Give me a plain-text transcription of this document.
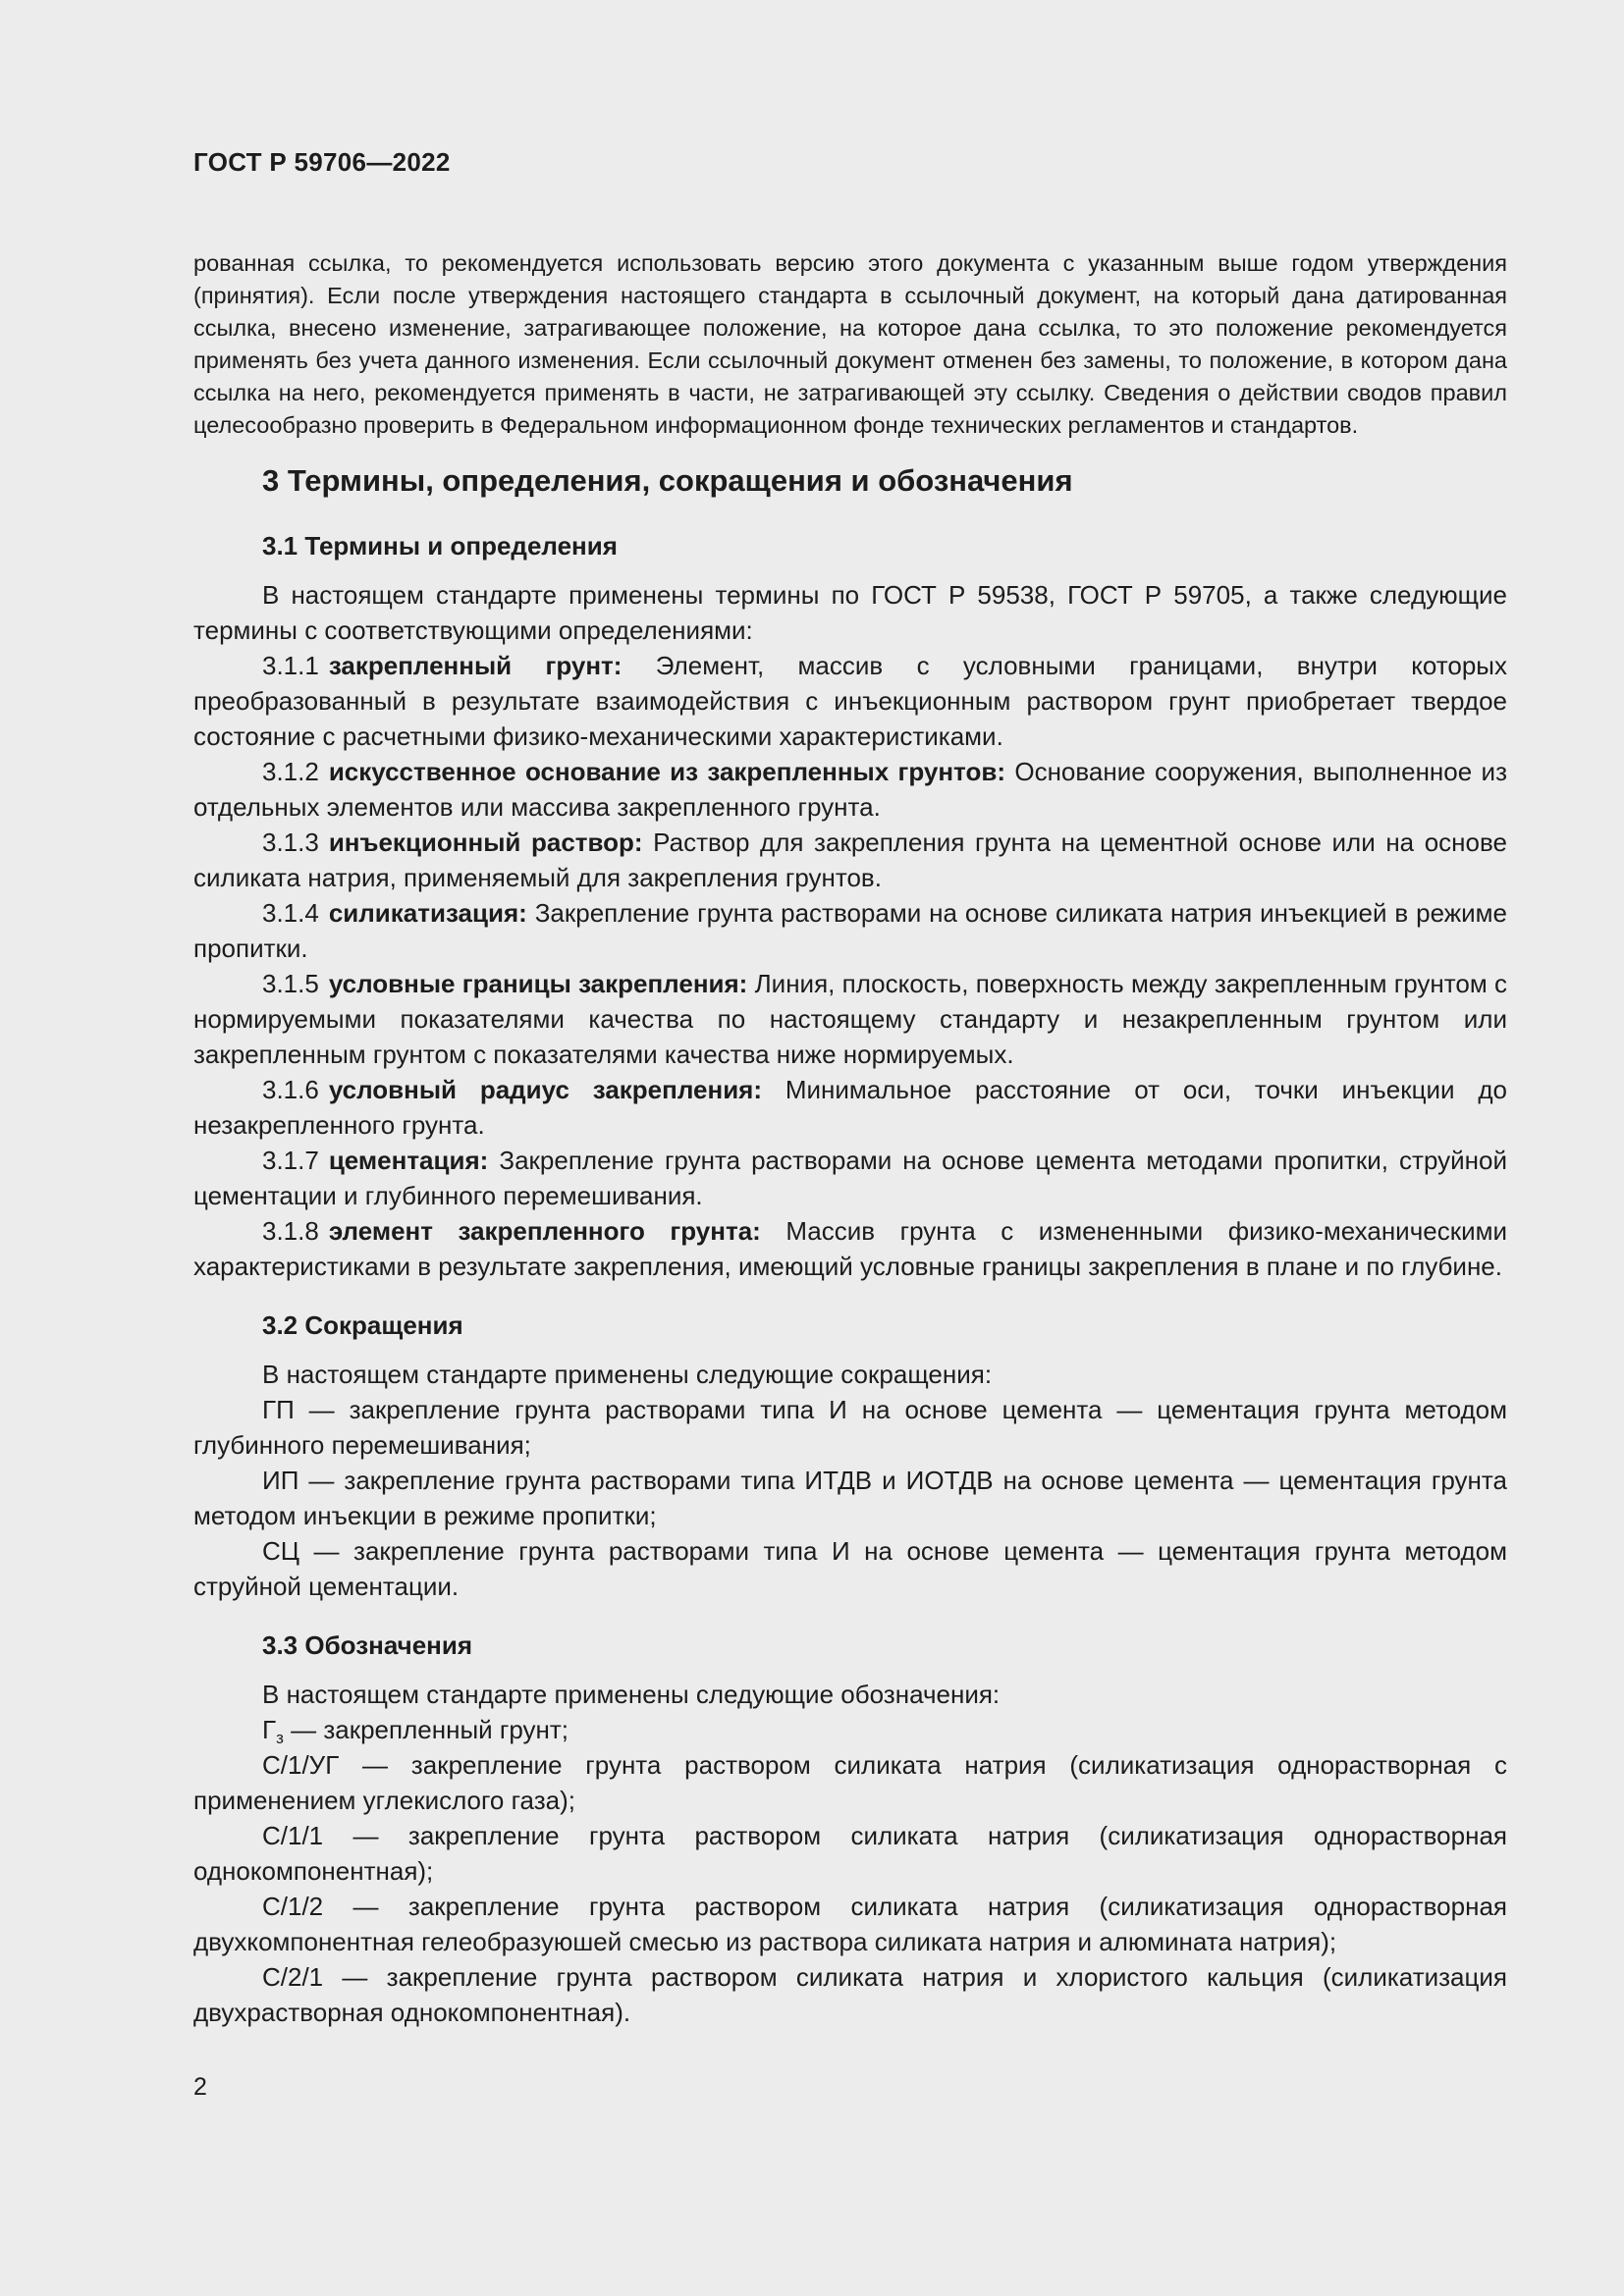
ГОСТ Р 59706—2022

рованная ссылка, то рекомендуется использовать версию этого документа с указанным выше годом утверждения (принятия). Если после утверждения настоящего стандарта в ссылочный документ, на который дана датированная ссылка, внесено изменение, затрагивающее положение, на которое дана ссылка, то это положение рекомендуется применять без учета данного изменения. Если ссылочный документ отменен без замены, то положение, в котором дана ссылка на него, рекомендуется применять в части, не затрагивающей эту ссылку. Сведения о действии сводов правил целесообразно проверить в Федеральном информационном фонде технических регламентов и стандартов.

3 Термины, определения, сокращения и обозначения
3.1 Термины и определения

В настоящем стандарте применены термины по ГОСТ Р 59538, ГОСТ Р 59705, а также следующие термины с соответствующими определениями:

3.1.1 закрепленный грунт: Элемент, массив с условными границами, внутри которых преобразованный в результате взаимодействия с инъекционным раствором грунт приобретает твердое состояние с расчетными физико-механическими характеристиками.

3.1.2 искусственное основание из закрепленных грунтов: Основание сооружения, выполненное из отдельных элементов или массива закрепленного грунта.

3.1.3 инъекционный раствор: Раствор для закрепления грунта на цементной основе или на основе силиката натрия, применяемый для закрепления грунтов.

3.1.4 силикатизация: Закрепление грунта растворами на основе силиката натрия инъекцией в режиме пропитки.

3.1.5 условные границы закрепления: Линия, плоскость, поверхность между закрепленным грунтом с нормируемыми показателями качества по настоящему стандарту и незакрепленным грунтом или закрепленным грунтом с показателями качества ниже нормируемых.

3.1.6 условный радиус закрепления: Минимальное расстояние от оси, точки инъекции до незакрепленного грунта.

3.1.7 цементация: Закрепление грунта растворами на основе цемента методами пропитки, струйной цементации и глубинного перемешивания.

3.1.8 элемент закрепленного грунта: Массив грунта с измененными физико-механическими характеристиками в результате закрепления, имеющий условные границы закрепления в плане и по глубине.

3.2 Сокращения

В настоящем стандарте применены следующие сокращения:

ГП — закрепление грунта растворами типа И на основе цемента — цементация грунта методом глубинного перемешивания;

ИП — закрепление грунта растворами типа ИТДВ и ИОТДВ на основе цемента — цементация грунта методом инъекции в режиме пропитки;

СЦ — закрепление грунта растворами типа И на основе цемента — цементация грунта методом струйной цементации.

3.3 Обозначения

В настоящем стандарте применены следующие обозначения:

$Г_з$ — закрепленный грунт;

С/1/УГ — закрепление грунта раствором силиката натрия (силикатизация однорастворная с применением углекислого газа);

С/1/1 — закрепление грунта раствором силиката натрия (силикатизация однорастворная однокомпонентная);

С/1/2 — закрепление грунта раствором силиката натрия (силикатизация однорастворная двухкомпонентная гелеобразуюшей смесью из раствора силиката натрия и алюмината натрия);

С/2/1 — закрепление грунта раствором силиката натрия и хлористого кальция (силикатизация двухрастворная однокомпонентная).

2
